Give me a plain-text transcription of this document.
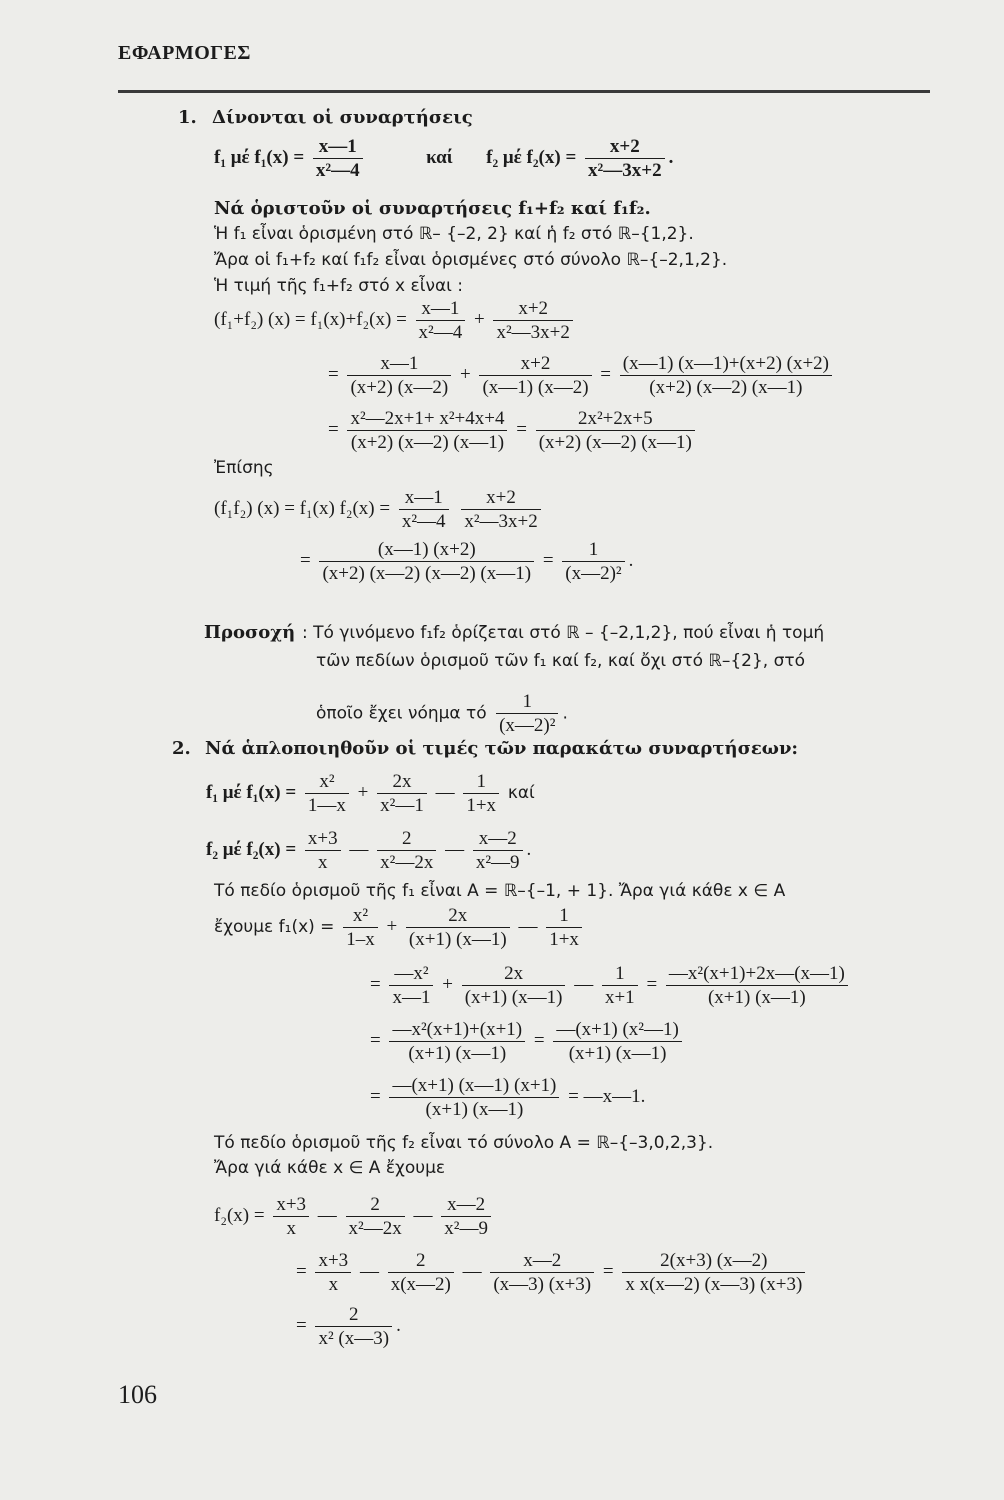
ΕΦΑΡΜΟΓΕΣ
1. Δίνονται οἱ συναρτήσεις
f₁ μέ $f_1(x) = \frac{x—1}{\text{x²—4}}$	καί f₂ μέ $f_2(x) = \frac{x+2}{\text{x²—3x+2}}$ .
Νά ὁριστοῦν οἱ συναρτήσεις f₁+f₂ καί f₁f₂.
Ἡ f₁ εἶναι ὁρισμένη στό ℝ– {–2, 2} καί ἡ f₂ στό ℝ–{1,2}.
Ἄρα οἱ f₁+f₂ καί f₁f₂ εἶναι ὁρισμένες στό σύνολο ℝ–{–2,1,2}.
Ἡ τιμή τῆς f₁+f₂ στό x εἶναι :
(f₁+f₂) $(x) = f_1(x)+f_2(x) = \frac{x—1}{\text{x²—4}} + \frac{x+2}{\text{x²—3x+2}}$
= $\frac{x—1}{(x+2) (x—2)} + \frac{x+2}{(x—1) (x—2)} = \frac{(x—1) (x—1)+(x+2) (x+2)}{(x+2) (x—2) (x—1)}$
= $\frac{\text{x²—2x+1+ x²+4x+4}}{(x+2) (x—2) (x—1)} = \frac{\text{2x²+2x+5}}{(x+2) (x—2) (x—1)}$
Ἐπίσης
(f₁f₂) (x) = f₁(x) $f_2(x) = \frac{x—1}{\text{x²—4}}$
$\frac{x+2}{\text{x²—3x+2}}$
= $\frac{(x—1) (x+2)}{(x+2) (x—2) (x—2) (x—1)} = \frac{1}{\text{(x—2)²}}$ .
Προσοχή : Τό γινόμενο f₁f₂ ὁρίζεται στό ℝ – {–2,1,2}, πού εἶναι ἡ τομή
τῶν πεδίων ὁρισμοῦ τῶν f₁ καί f₂, καί ὄχι στό ℝ–{2}, στό
ὁποῖο ἔχει νόημα τό $\frac{1}{\text{(x—2)²}}$ .
2. Νά ἁπλοποιηθοῦν οἱ τιμές τῶν παρακάτω συναρτήσεων:
f₁ μέ $f_1(x) = \frac{\text{x²}}{1—x} + \frac{2x}{\text{x²—1}}$ — $\frac{1}{1+x}$ καί
f₂ μέ $f_2(x) = \frac{x+3}{x}$ — $\frac{2}{\text{x²—2x}}$ — $\frac{x—2}{\text{x²—9}}$ .
Τό πεδίο ὁρισμοῦ τῆς f₁ εἶναι A = ℝ–{–1, + 1}. Ἄρα γιά κάθε x ∈ A
ἔχουμε $f_1(x) = \frac{\text{x²}}{1-x} + \frac{2x}{(x+1) (x—1)}$ — $\frac{1}{1+x}$
= $\frac{\text{—x²}}{x—1} + \frac{2x}{(x+1) (x—1)}$ — $\frac{1}{x+1} = \frac{\text{—x²(x+1)+2x—(x—1)}}{(x+1) (x—1)}$
= $\frac{\text{—x²(x+1)+(x+1)}}{(x+1) (x—1)} = \frac{\text{—(x+1) (x²—1)}}{(x+1) (x—1)}$
= $\frac{—(x+1) (x—1) (x+1)}{(x+1) (x—1)}$ = —x—1.
Τό πεδίο ὁρισμοῦ τῆς f₂ εἶναι τό σύνολο A = ℝ–{–3,0,2,3}.
Ἄρα γιά κάθε x ∈ A ἔχουμε
$f_2(x) = \frac{x+3}{x}$ — $\frac{2}{\text{x²—2x}}$ — $\frac{x—2}{\text{x²—9}}$
= $\frac{x+3}{x}$ — $\frac{2}{x(x—2)}$ — $\frac{x—2}{(x—3) (x+3)} = \frac{2(x+3) (x—2)}{\text{x x(x—2) (x—3) (x+3)}}$
= $\frac{2}{\text{x² (x—3)}}$ .
106
